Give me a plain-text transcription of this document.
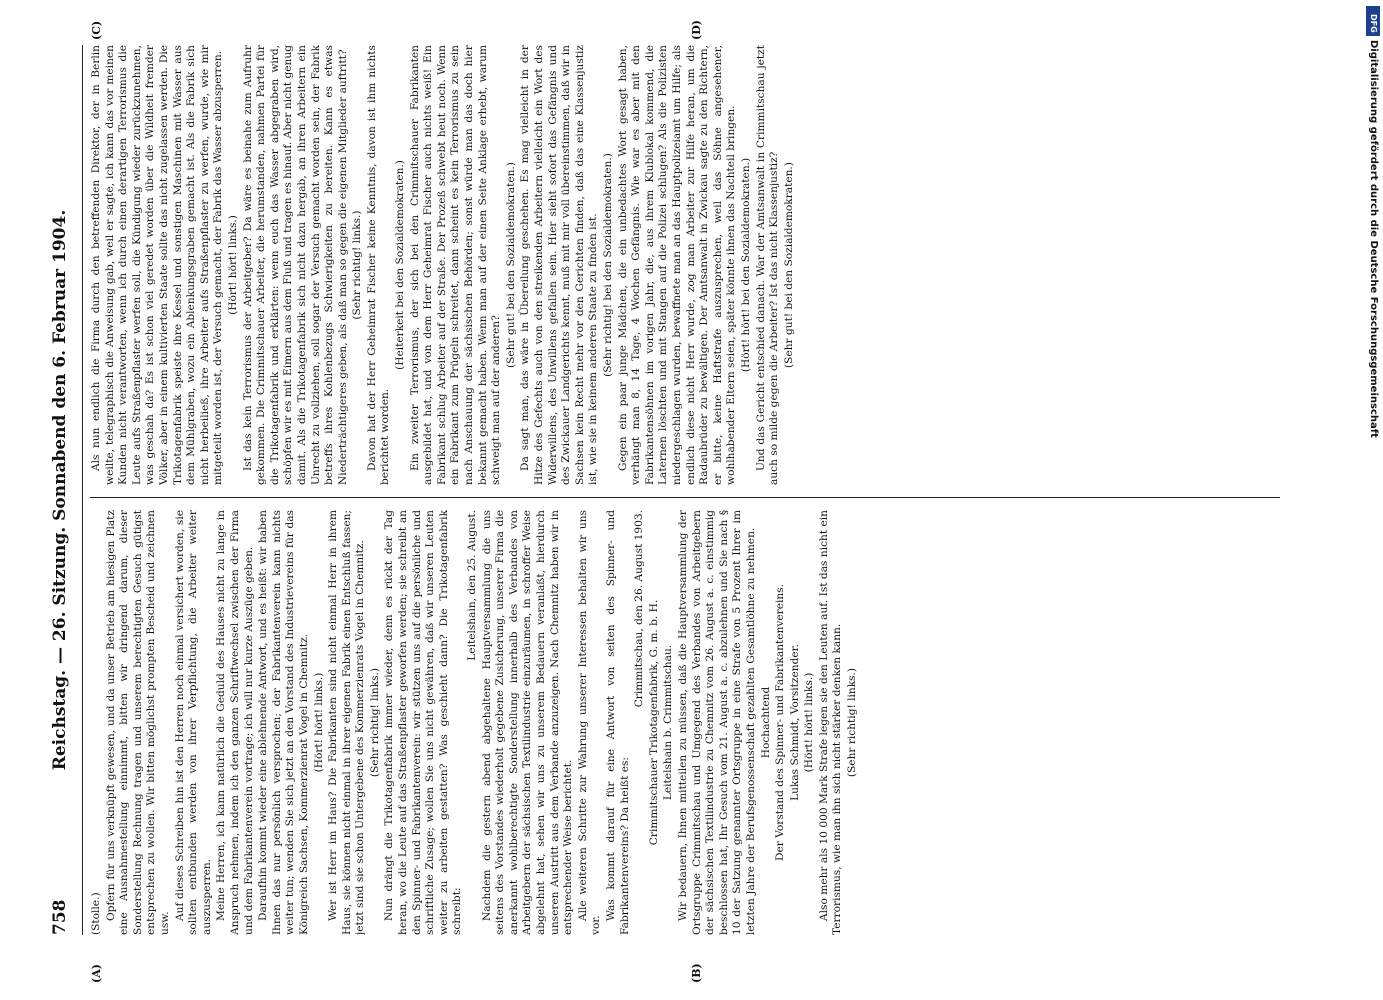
758
Reichstag. — 26. Sitzung. Sonnabend den 6. Februar 1904.
(A)	(B)
(C)	(D)

(Stolle.) Opfern für uns verknüpft gewesen, und da unser Betrieb am hiesigen Platz eine Ausnahmestellung einnimmt, bitten wir dringend darum, dieser Sonderstellung Rechnung tragen und unserem berechtigten Gesuch gütigst entsprechen zu wollen. Wir bitten möglichst prompten Bescheid und zeichnen usw.

Auf dieses Schreiben hin ist den Herren noch einmal versichert worden, sie sollten entbunden werden von ihrer Verpflichtung, die Arbeiter weiter auszusperren. Meine Herren, ich kann natürlich die Geduld des Hauses nicht zu lange in Anspruch nehmen, indem ich den ganzen Schriftwechsel zwischen der Firma und dem Fabrikantenverein vortrage; ich will nur kurze Auszüge geben. Daraufhin kommt wieder eine ablehnende Antwort, und es heißt: wir haben Ihnen das nur persönlich versprochen; der Fabrikantenverein kann nichts weiter tun; wenden Sie sich jetzt an den Vorstand des Industrievereins für das Königreich Sachsen, Kommerzienrat Vogel in Chemnitz. (Hört! hört! links.) Wer ist Herr im Haus? Die Fabrikanten sind nicht einmal Herr in ihrem Haus, sie können nicht einmal in ihrer eigenen Fabrik einen Entschluß fassen; jetzt sind sie schon Untergebene des Kommerzienrats Vogel in Chemnitz. (Sehr richtig! links.) Nun drängt die Trikotagenfabrik immer wieder, denn es rückt der Tag heran, wo die Leute auf das Straßenpflaster geworfen werden; sie schreibt an den Spinner- und Fabrikantenverein: wir stützen uns auf die persönliche und schriftliche Zusage; wollen Sie uns nicht gewähren, daß wir unseren Leuten weiter zu arbeiten gestatten? Was geschieht dann? Die Trikotagenfabrik schreibt:

Leitelshain, den 25. August. Nachdem die gestern abend abgehaltene Hauptversammlung die uns seitens des Vorstandes wiederholt gegebene Zusicherung, unserer Firma die anerkannt wohlberechtigte Sonderstellung innerhalb des Verbandes von Arbeitgebern der sächsischen Textilindustrie einzuräumen, in schroffer Weise abgelehnt hat, sehen wir uns zu unserem Bedauern veranlaßt, hierdurch unseren Austritt aus dem Verbande anzuzeigen. Nach Chemnitz haben wir in entsprechender Weise berichtet. Alle weiteren Schritte zur Wahrung unserer Interessen behalten wir uns vor.

Was kommt darauf für eine Antwort von seiten des Spinner- und Fabrikantenvereins? Da heißt es:

Crimmitschau, den 26. August 1903. Crimmitschauer Trikotagenfabrik, G. m. b. H. Leitelshain b. Crimmitschau. Wir bedauern, Ihnen mitteilen zu müssen, daß die Hauptversammlung der Ortsgruppe Crimmitschau und Umgegend des Verbandes von Arbeitgebern der sächsischen Textilindustrie zu Chemnitz vom 26. August a. c. einstimmig beschlossen hat, Ihr Gesuch vom 21. August a. c. abzulehnen und Sie nach § 10 der Satzung genannter Ortsgruppe in eine Strafe von 5 Prozent Ihrer im letzten Jahre der Berufsgenossenschaft gezahlten Gesamtlöhne zu nehmen. Hochachtend Der Vorstand des Spinner- und Fabrikantenvereins. Lukas Schmidt, Vorsitzender. (Hört! hört! links.) Also mehr als 10 000 Mark Strafe legen sie den Leuten auf. Ist das nicht ein Terrorismus, wie man ihn sich nicht stärker denken kann. (Sehr richtig! links.)

Als nun endlich die Firma durch den betreffenden Direktor, der in Berlin weilte, telegraphisch die Anweisung gab, weil er sagte, ich kann das vor meinen Kunden nicht verantworten, wenn ich durch einen derartigen Terrorismus die Leute aufs Straßenpflaster werfen soll, die Kündigung wieder zurückzunehmen, was geschah da? Es ist schon viel geredet worden über die Wildheit fremder Völker, aber in einem kultivierten Staate sollte das nicht zugelassen werden. Die Trikotagenfabrik speiste ihre Kessel und sonstigen Maschinen mit Wasser aus dem Mühlgraben, wozu ein Ablenkungsgraben gemacht ist. Als die Fabrik sich nicht herbeiließ, ihre Arbeiter aufs Straßenpflaster zu werfen, wurde, wie mir mitgeteilt worden ist, der Versuch gemacht, der Fabrik das Wasser abzusperren. (Hört! hört! links.) Ist das kein Terrorismus der Arbeitgeber? Da wäre es beinahe zum Aufruhr gekommen. Die Crimmitschauer Arbeiter, die herumstanden, nahmen Partei für die Trikotagenfabrik und erklärten: wenn euch das Wasser abgegraben wird, schöpfen wir es mit Eimern aus dem Fluß und tragen es hinauf. Aber nicht genug damit. Als die Trikotagenfabrik sich nicht dazu hergab, an ihren Arbeitern ein Unrecht zu vollziehen, soll sogar der Versuch gemacht worden sein, der Fabrik betreffs ihres Kohlenbezugs Schwierigkeiten zu bereiten. Kann es etwas Niederträchtigeres geben, als daß man so gegen die eigenen Mitglieder auftritt? (Sehr richtig! links.) Davon hat der Herr Geheimrat Fischer keine Kenntnis, davon ist ihm nichts berichtet worden.

(Heiterkeit bei den Sozialdemokraten.) Ein zweiter Terrorismus, der sich bei den Crimmitschauer Fabrikanten ausgebildet hat, und von dem Herr Geheimrat Fischer auch nichts weiß! Ein Fabrikant schlug Arbeiter auf der Straße. Der Prozeß schwebt heut noch. Wenn ein Fabrikant zum Prügeln schreitet, dann scheint es kein Terrorismus zu sein nach Anschauung der sächsischen Behörden; sonst würde man das doch hier bekannt gemacht haben. Wenn man auf der einen Seite Anklage erhebt, warum schweigt man auf der anderen?

(Sehr gut! bei den Sozialdemokraten.) Da sagt man, das wäre in Übereilung geschehen. Es mag vielleicht in der Hitze des Gefechts auch von den streikenden Arbeitern vielleicht ein Wort des Widerwillens, des Unwillens gefallen sein. Hier sieht sofort das Gefängnis und des Zwickauer Landgerichts kennt, muß mit mir voll übereinstimmen, daß wir in Sachsen kein Recht mehr vor den Gerichten finden, daß das eine Klassenjustiz ist, wie sie in keinem anderen Staate zu finden ist. (Sehr richtig! bei den Sozialdemokraten.) Gegen ein paar junge Mädchen, die ein unbedachtes Wort gesagt haben, verhängt man 8, 14 Tage, 4 Wochen Gefängnis. Wie war es aber mit den Fabrikantensöhnen im vorigen Jahr, die, aus ihrem Klublokal kommend, die Laternen löschten und mit Stangen auf die Polizei schlugen? Als die Polizisten niedergeschlagen wurden, bewaffnete man an das Hauptpolizeiamt um Hilfe; als endlich diese nicht Herr wurde, zog man Arbeiter zur Hilfe heran, um die Radaubrüder zu bewältigen. Der Amtsanwalt in Zwickau sagte zu den Richtern, er bitte, keine Haftstrafe auszusprechen, weil das Söhne angesehener, wohlhabender Eltern seien, später könnte ihnen das Nachteil bringen. (Hört! hört! bei den Sozialdemokraten.) Und das Gericht entschied danach. War der Amtsanwalt in Crimmitschau jetzt auch so milde gegen die Arbeiter? Ist das nicht Klassenjustiz? (Sehr gut! bei den Sozialdemokraten.)

DFG
Digitalisierung gefördert durch die Deutsche Forschungsgemeinschaft
